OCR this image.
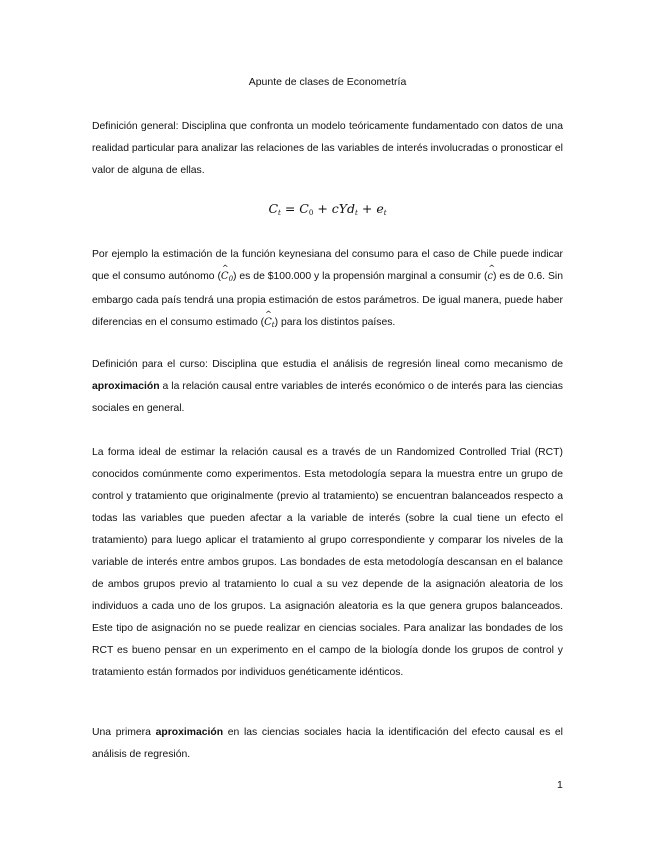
Apunte de clases de Econometría

Definición general: Disciplina que confronta un modelo teóricamente fundamentado con datos de una realidad particular para analizar las relaciones de las variables de interés involucradas o pronosticar el valor de alguna de ellas.

$C_t = C_0 + cYd_t + e_t$

Por ejemplo la estimación de la función keynesiana del consumo para el caso de Chile puede indicar que el consumo autónomo (^ $C_0$) es de $100.000 y la propensión marginal a consumir (^ c) es de 0.6. Sin embargo cada país tendrá una propia estimación de estos parámetros. De igual manera, puede haber diferencias en el consumo estimado (^ $C_t$) para los distintos países.

Definición para el curso: Disciplina que estudia el análisis de regresión lineal como mecanismo de aproximación a la relación causal entre variables de interés económico o de interés para las ciencias sociales en general.

La forma ideal de estimar la relación causal es a través de un Randomized Controlled Trial (RCT) conocidos comúnmente como experimentos. Esta metodología separa la muestra entre un grupo de control y tratamiento que originalmente (previo al tratamiento) se encuentran balanceados respecto a todas las variables que pueden afectar a la variable de interés (sobre la cual tiene un efecto el tratamiento) para luego aplicar el tratamiento al grupo correspondiente y comparar los niveles de la variable de interés entre ambos grupos. Las bondades de esta metodología descansan en el balance de ambos grupos previo al tratamiento lo cual a su vez depende de la asignación aleatoria de los individuos a cada uno de los grupos. La asignación aleatoria es la que genera grupos balanceados. Este tipo de asignación no se puede realizar en ciencias sociales. Para analizar las bondades de los RCT es bueno pensar en un experimento en el campo de la biología donde los grupos de control y tratamiento están formados por individuos genéticamente idénticos.

Una primera aproximación en las ciencias sociales hacia la identificación del efecto causal es el análisis de regresión.

1
